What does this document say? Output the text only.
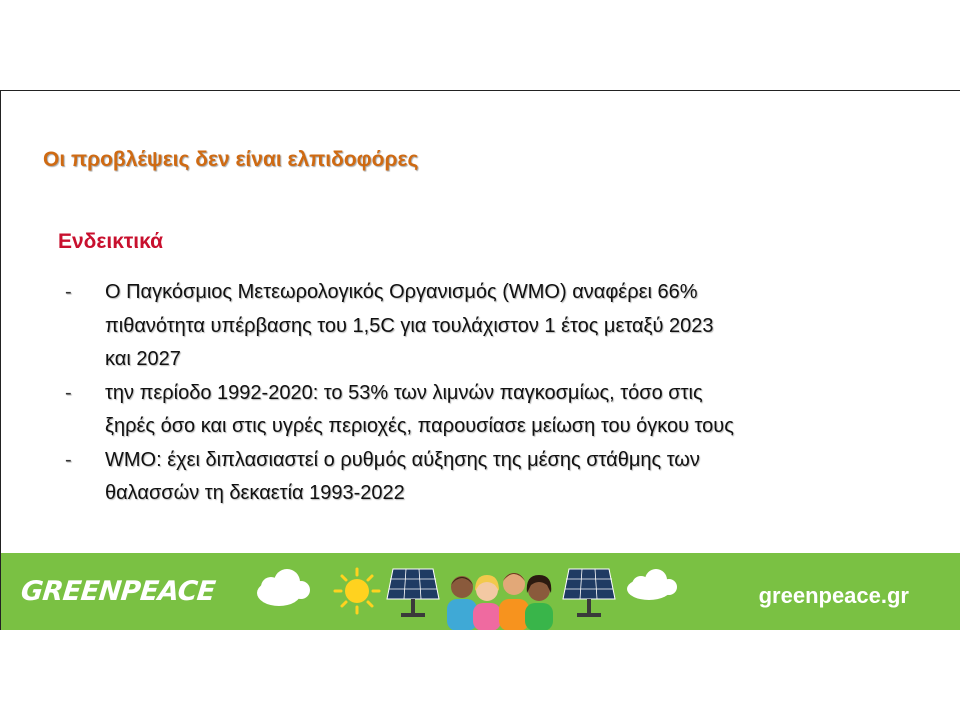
Οι προβλέψεις δεν είναι ελπιδοφόρες
Ενδεικτικά
- Ο Παγκόσμιος Μετεωρολογικός Οργανισμός (WMO) αναφέρει 66%
πιθανότητα υπέρβασης του 1,5C για τουλάχιστον 1 έτος μεταξύ 2023
και 2027
- την περίοδο 1992-2020: το 53% των λιμνών παγκοσμίως, τόσο στις
ξηρές όσο και στις υγρές περιοχές, παρουσίασε μείωση του όγκου τους
- WMO: έχει διπλασιαστεί ο ρυθμός αύξησης της μέσης στάθμης των
θαλασσών τη δεκαετία 1993-2022
GREENPEACE	greenpeace.gr
